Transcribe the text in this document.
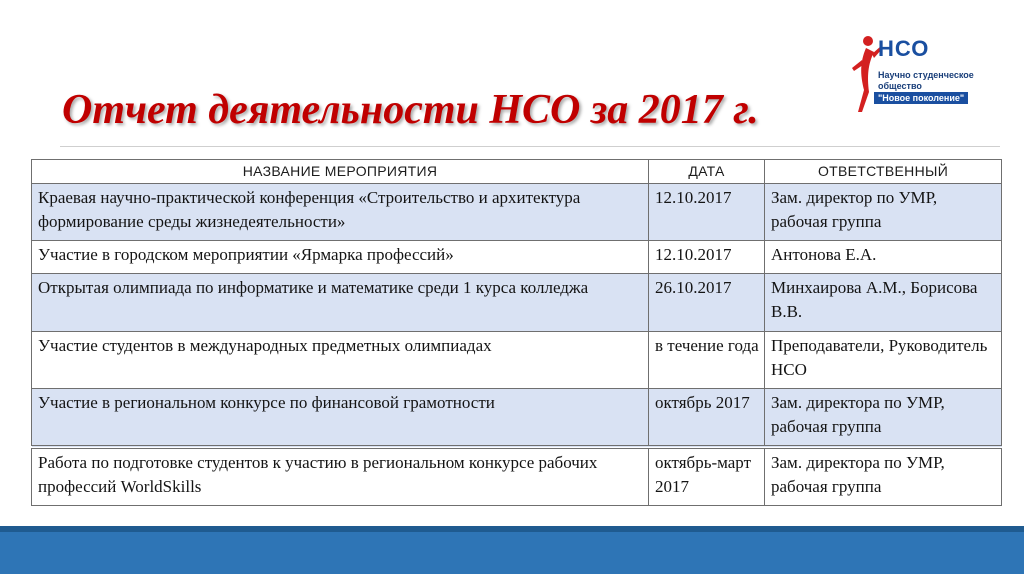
Отчет деятельности НСО за 2017 г.
НСО
Научно студенческое
общество
"Новое поколение"
НАЗВАНИЕ МЕРОПРИЯТИЯ	ДАТА	ОТВЕТСТВЕННЫЙ
Краевая научно-практической конференция «Строительство и архитектура формирование среды жизнедеятельности»	12.10.2017	Зам. директор по УМР, рабочая группа
Участие в городском мероприятии «Ярмарка профессий»	12.10.2017	Антонова Е.А.
Открытая олимпиада по информатике и математике среди 1 курса колледжа	26.10.2017	Минхаирова А.М., Борисова В.В.
Участие студентов в международных предметных олимпиадах	в течение года	Преподаватели, Руководитель НСО
Участие в региональном конкурсе по финансовой грамотности	октябрь 2017	Зам. директора по УМР, рабочая группа
Работа по подготовке студентов к участию в региональном конкурсе рабочих профессий WorldSkills	октябрь-март 2017	Зам. директора по УМР, рабочая группа
